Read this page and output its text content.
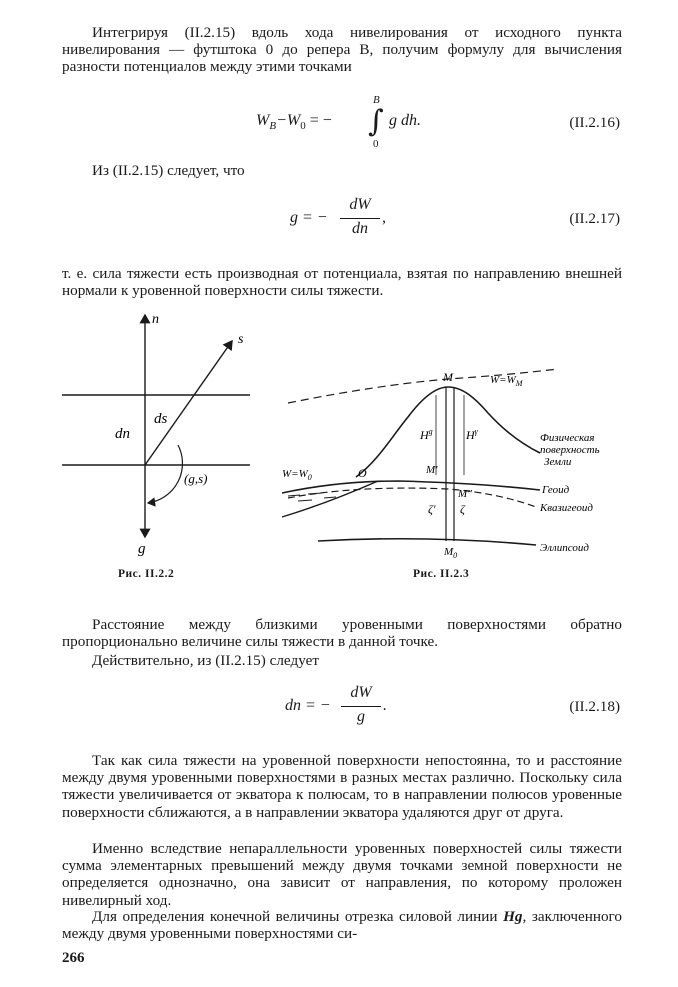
Интегрируя (II.2.15) вдоль хода нивелирования от исходного пункта нивелирования — футштока 0 до репера B, получим формулу для вычисления разности потенциалов между этими точками
$W_B-W_0$ = − ∫
B
0
g dh.	(II.2.16)
Из (II.2.15) следует, что
g = −
dW
dn
,	(II.2.17)
т. е. сила тяжести есть производная от потенциала, взятая по направлению внешней нормали к уровенной поверхности силы тяжести.
n
s
ds
dn
(g,s)
g
Рис. II.2.2
M	$W=W_M$
$H^g$	$H^\gamma$
Физическая
поверхность
Земли
$W=W_0$	O	M'
M''	Геоид
ζ' ζ	Квазигеоид
$M_0$
Эллипсоид
Рис. II.2.3
Расстояние между близкими уровенными поверхностями обратно пропорционально величине силы тяжести в данной точке.
Действительно, из (II.2.15) следует
dn = −
dW
g
.	(II.2.18)
Так как сила тяжести на уровенной поверхности непостоянна, то и расстояние между двумя уровенными поверхностями в разных местах различно. Поскольку сила тяжести увеличивается от экватора к полюсам, то в направлении полюсов уровенные поверхности сближаются, а в направлении экватора удаляются друг от друга.
Именно вследствие непараллельности уровенных поверхностей силы тяжести сумма элементарных превышений между двумя точками земной поверхности не определяется однозначно, она зависит от направления, по которому проложен нивелирный ход.
Для определения конечной величины отрезка силовой линии Hg, заключенного между двумя уровенными поверхностями си-
266
